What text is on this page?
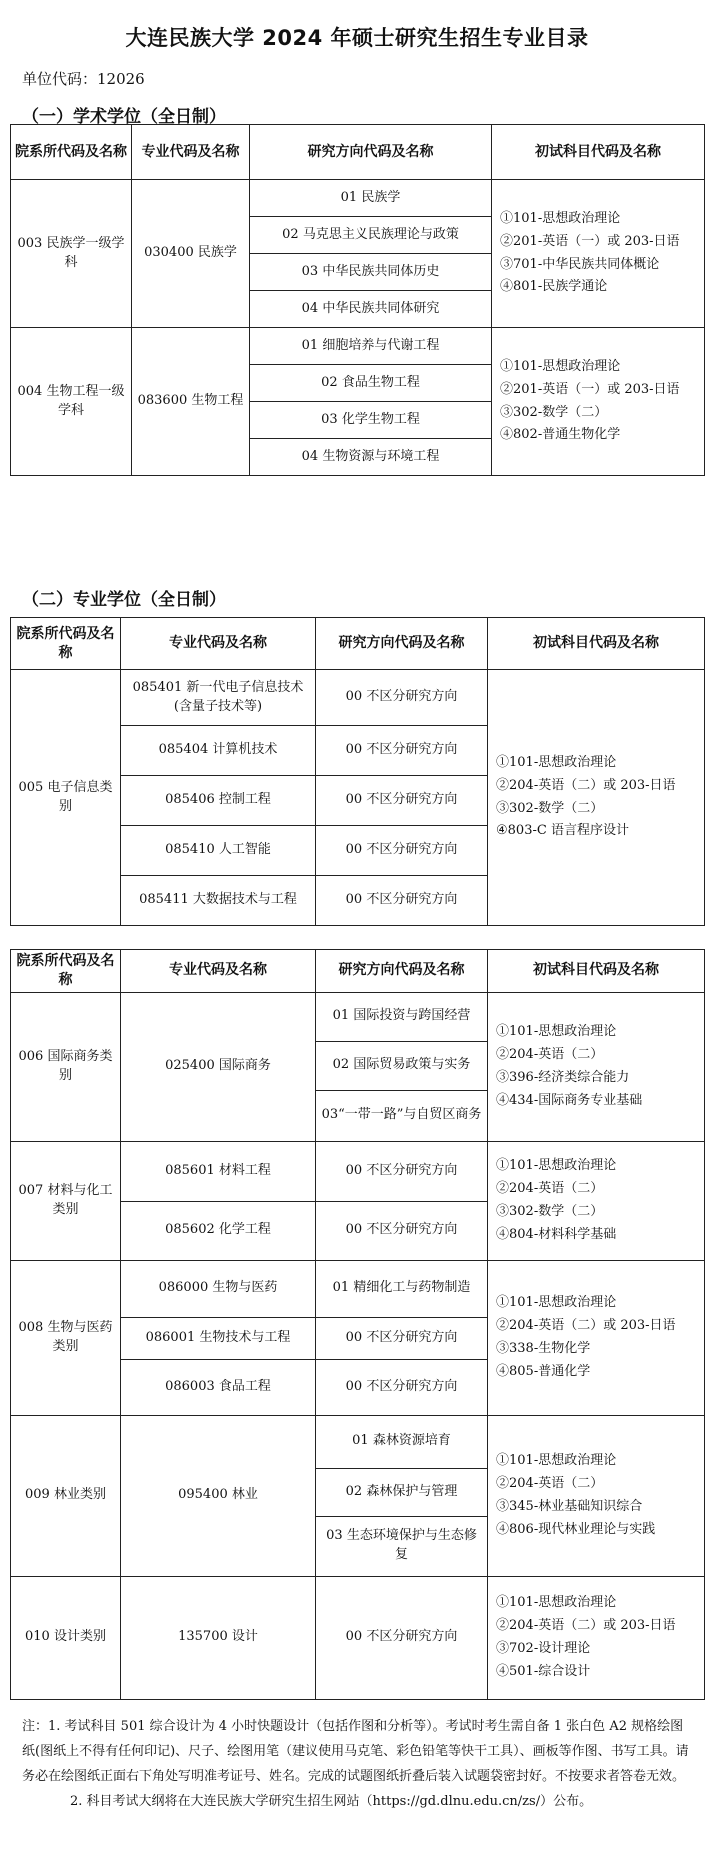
大连民族大学 2024 年硕士研究生招生专业目录
单位代码：12026
（一）学术学位（全日制）
院系所代码及名称	专业代码及名称	研究方向代码及名称	初试科目代码及名称
003 民族学一级学科	030400 民族学	01 民族学	①101-思想政治理论
②201-英语（一）或 203-日语
③701-中华民族共同体概论
④801-民族学通论

		02 马克思主义民族理论与政策	
		03 中华民族共同体历史	
		04 中华民族共同体研究	
004 生物工程一级学科	083600 生物工程	01 细胞培养与代谢工程	①101-思想政治理论
②201-英语（一）或 203-日语
③302-数学（二）
④802-普通生物化学

		02 食品生物工程	
		03 化学生物工程	
		04 生物资源与环境工程	
（二）专业学位（全日制）
院系所代码及名称	专业代码及名称	研究方向代码及名称	初试科目代码及名称
005 电子信息类别	085401 新一代电子信息技术(含量子技术等)	00 不区分研究方向	①101-思想政治理论
②204-英语（二）或 203-日语
③302-数学（二）
④803-C 语言程序设计

	085404 计算机技术	00 不区分研究方向	
	085406 控制工程	00 不区分研究方向	
	085410 人工智能	00 不区分研究方向	
	085411 大数据技术与工程	00 不区分研究方向	
院系所代码及名称	专业代码及名称	研究方向代码及名称	初试科目代码及名称
006 国际商务类别	025400 国际商务	01 国际投资与跨国经营	①101-思想政治理论
②204-英语（二）
③396-经济类综合能力
④434-国际商务专业基础

		02 国际贸易政策与实务	
		03“一带一路”与自贸区商务	
007 材料与化工类别	085601 材料工程	00 不区分研究方向	①101-思想政治理论
②204-英语（二）
③302-数学（二）
④804-材料科学基础

	085602 化学工程	00 不区分研究方向	
008 生物与医药类别	086000 生物与医药	01 精细化工与药物制造	①101-思想政治理论
②204-英语（二）或 203-日语
③338-生物化学
④805-普通化学

	086001 生物技术与工程	00 不区分研究方向	
	086003 食品工程	00 不区分研究方向	
009 林业类别	095400 林业	01 森林资源培育	①101-思想政治理论
②204-英语（二）
③345-林业基础知识综合
④806-现代林业理论与实践

		02 森林保护与管理	
		03 生态环境保护与生态修复	
010 设计类别	135700 设计	00 不区分研究方向	①101-思想政治理论
②204-英语（二）或 203-日语
③702-设计理论
④501-综合设计
注：1. 考试科目 501 综合设计为 4 小时快题设计（包括作图和分析等）。考试时考生需自备 1 张白色 A2 规格绘图纸(图纸上不得有任何印记)、尺子、绘图用笔（建议使用马克笔、彩色铅笔等快干工具）、画板等作图、书写工具。请务必在绘图纸正面右下角处写明准考证号、姓名。完成的试题图纸折叠后装入试题袋密封好。不按要求者答卷无效。
2. 科目考试大纲将在大连民族大学研究生招生网站（https://gd.dlnu.edu.cn/zs/）公布。
